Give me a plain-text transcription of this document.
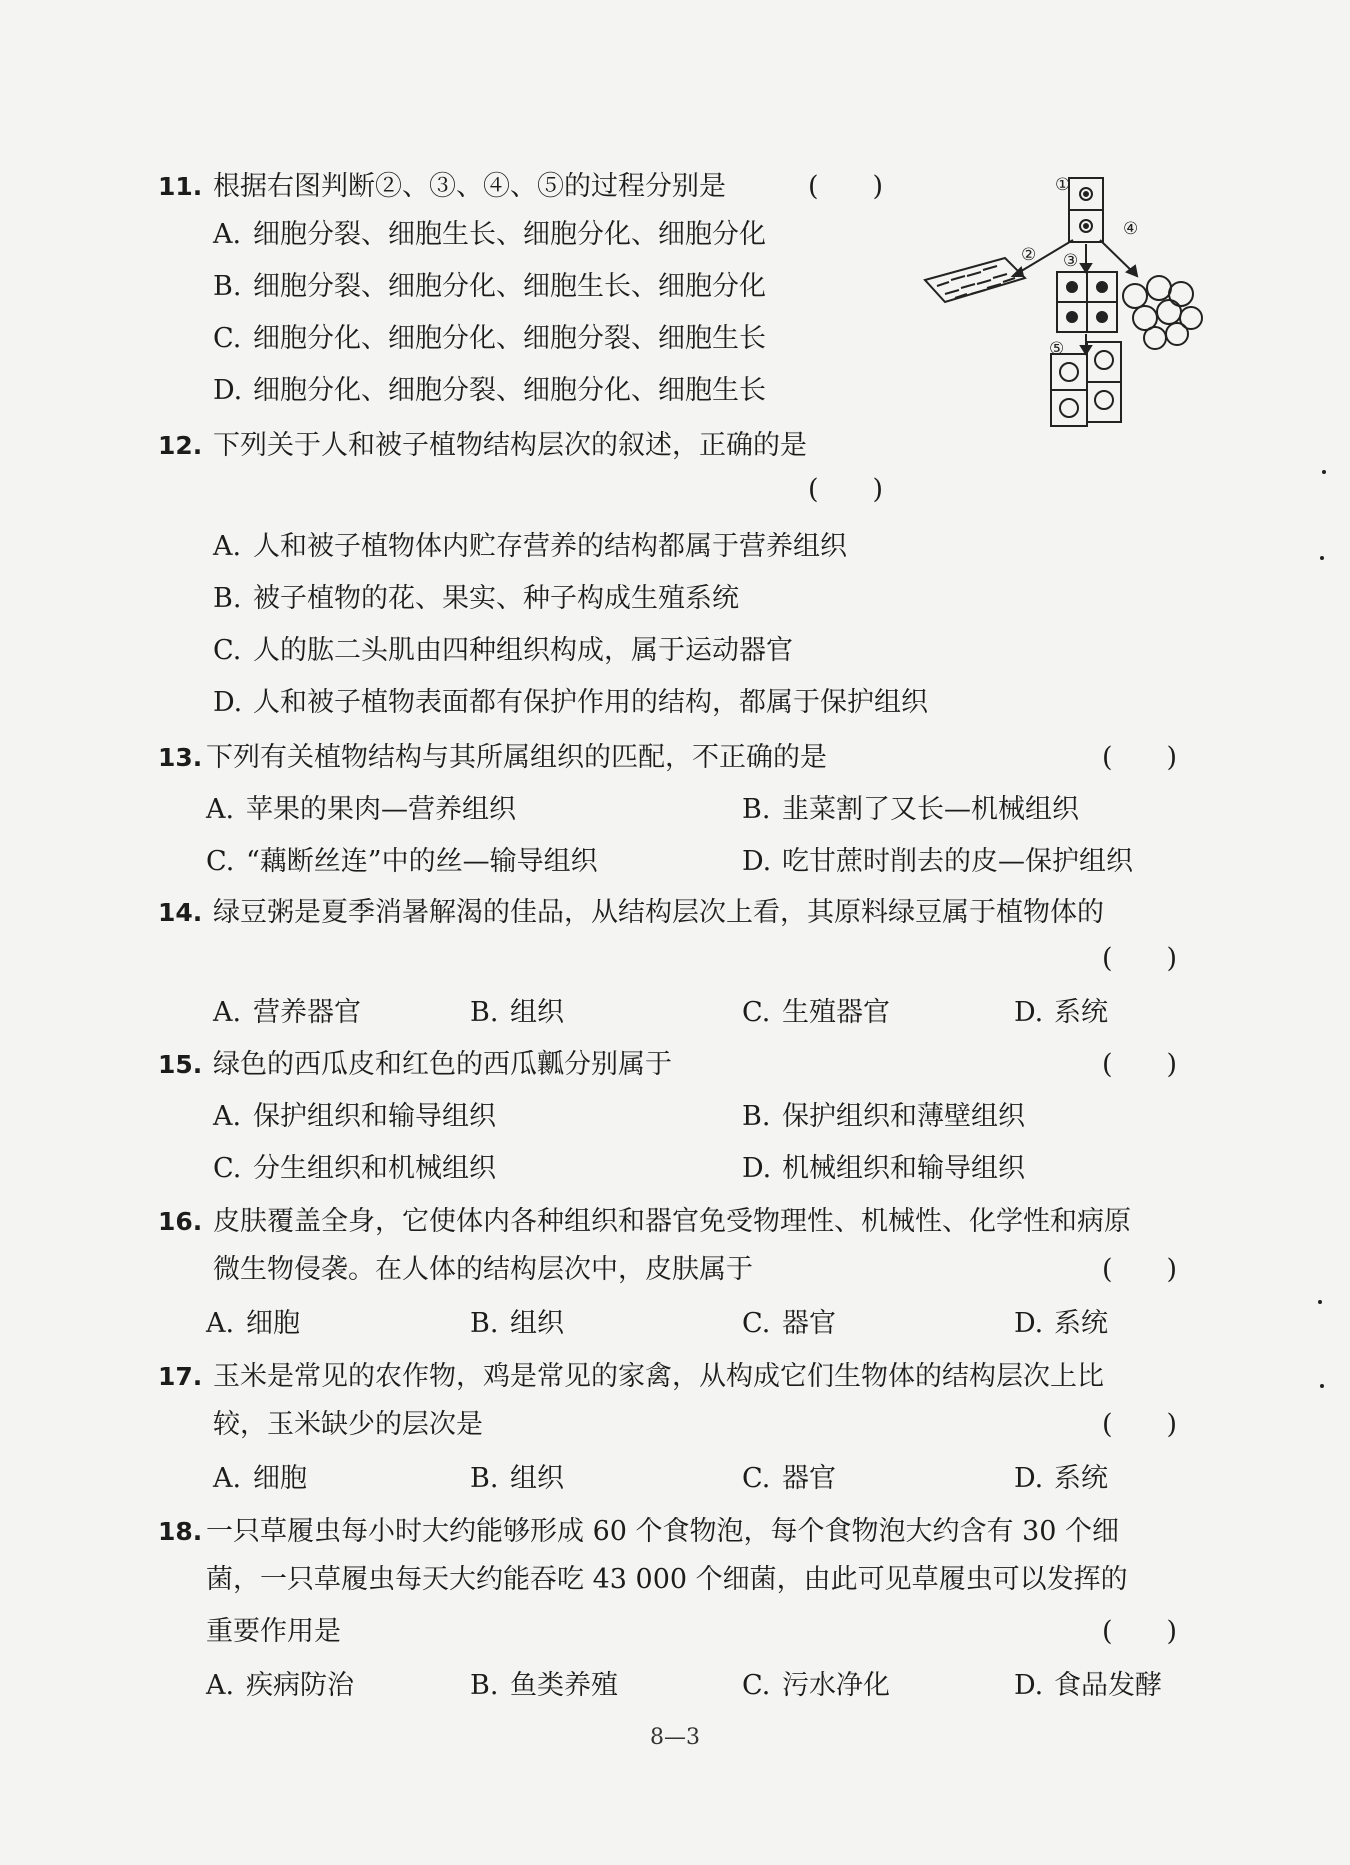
11. 根据右图判断②、③、④、⑤的过程分别是	(　　)
A. 细胞分裂、细胞生长、细胞分化、细胞分化
B. 细胞分裂、细胞分化、细胞生长、细胞分化
C. 细胞分化、细胞分化、细胞分裂、细胞生长
D. 细胞分化、细胞分裂、细胞分化、细胞生长
①
② ③
④
⑤
12. 下列关于人和被子植物结构层次的叙述，正确的是
(　　)
A. 人和被子植物体内贮存营养的结构都属于营养组织
B. 被子植物的花、果实、种子构成生殖系统
C. 人的肱二头肌由四种组织构成，属于运动器官
D. 人和被子植物表面都有保护作用的结构，都属于保护组织
13. 下列有关植物结构与其所属组织的匹配，不正确的是	(　　)
A. 苹果的果肉—营养组织	B. 韭菜割了又长—机械组织
C. “藕断丝连”中的丝—输导组织	D. 吃甘蔗时削去的皮—保护组织
14. 绿豆粥是夏季消暑解渴的佳品，从结构层次上看，其原料绿豆属于植物体的
(　　)
A. 营养器官	B. 组织	C. 生殖器官	D. 系统
15. 绿色的西瓜皮和红色的西瓜瓤分别属于	(　　)
A. 保护组织和输导组织	B. 保护组织和薄壁组织
C. 分生组织和机械组织	D. 机械组织和输导组织
16. 皮肤覆盖全身，它使体内各种组织和器官免受物理性、机械性、化学性和病原
微生物侵袭。在人体的结构层次中，皮肤属于	(　　)
A. 细胞	B. 组织	C. 器官	D. 系统
17. 玉米是常见的农作物，鸡是常见的家禽，从构成它们生物体的结构层次上比
较，玉米缺少的层次是	(　　)
A. 细胞	B. 组织	C. 器官	D. 系统
18. 一只草履虫每小时大约能够形成 60 个食物泡，每个食物泡大约含有 30 个细
菌，一只草履虫每天大约能吞吃 43 000 个细菌，由此可见草履虫可以发挥的
重要作用是	(　　)
A. 疾病防治	B. 鱼类养殖	C. 污水净化	D. 食品发酵
8—3
